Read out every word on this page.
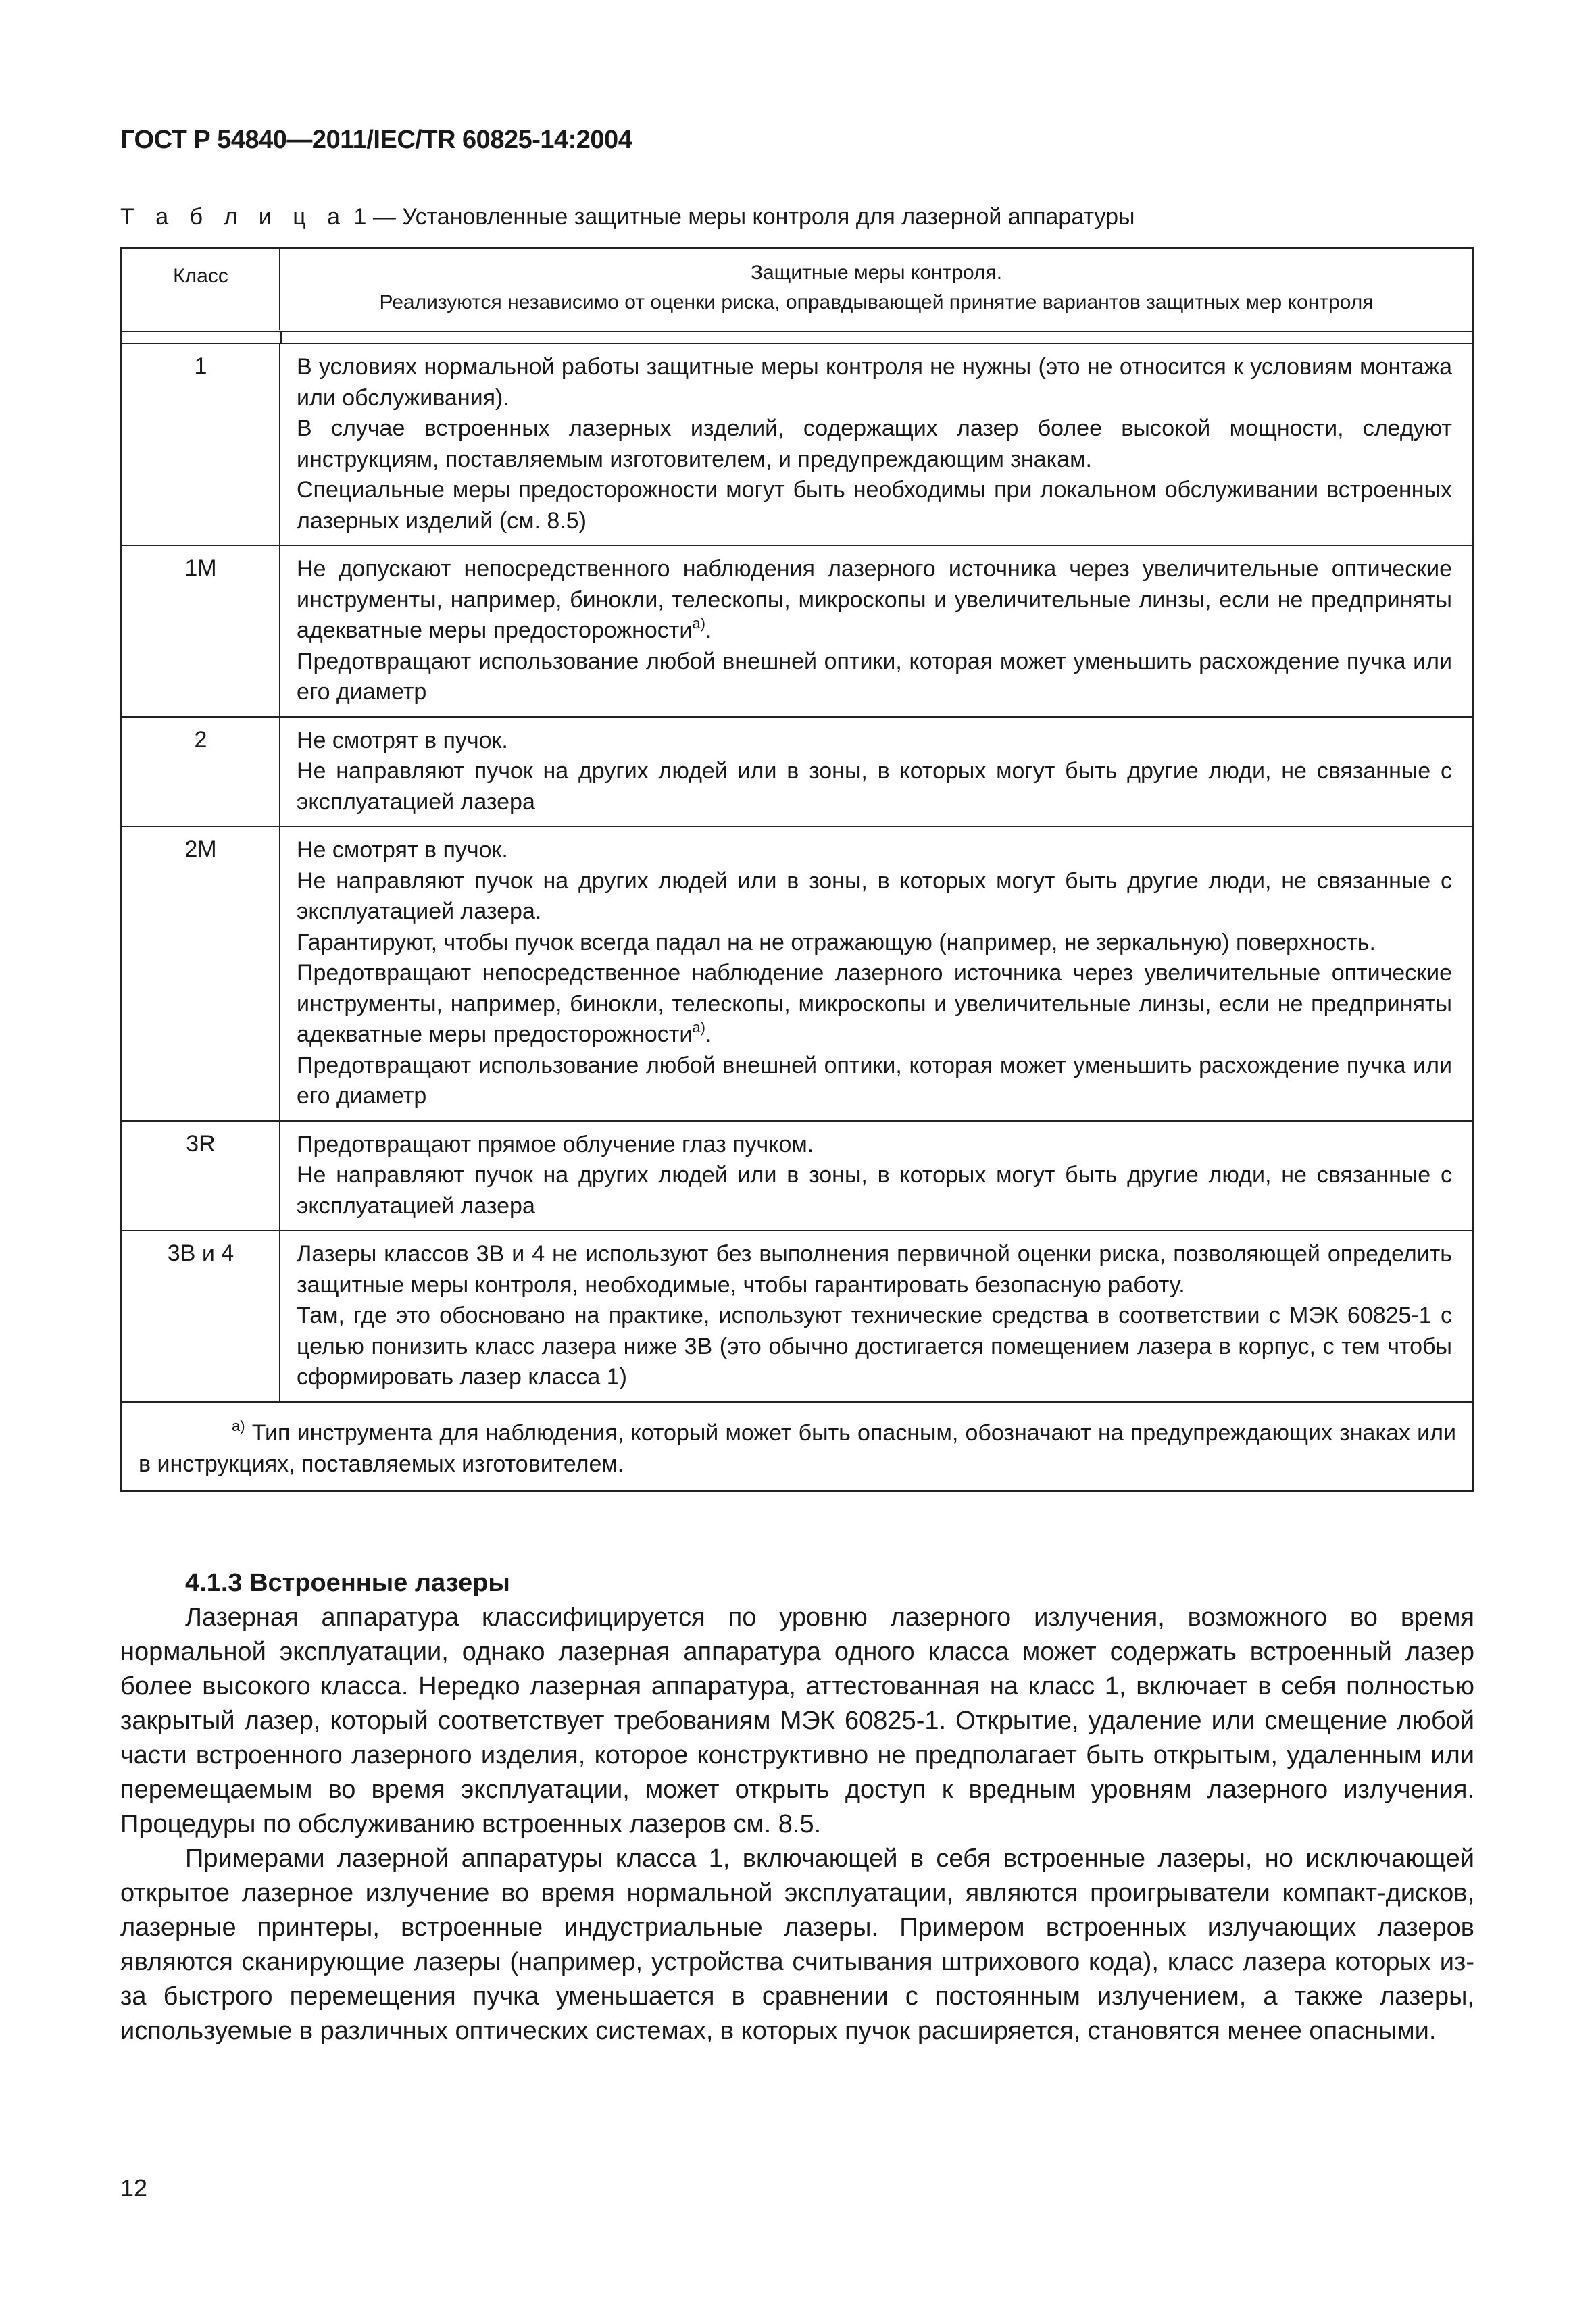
ГОСТ Р 54840—2011/IEC/TR 60825-14:2004
Т а б л и ц а 1 — Установленные защитные меры контроля для лазерной аппаратуры
Класс	Защитные меры контроля.
Реализуются независимо от оценки риска, оправдывающей принятие вариантов защитных мер контроля
1	В условиях нормальной работы защитные меры контроля не нужны (это не относится к условиям монтажа или обслуживания).

В случае встроенных лазерных изделий, содержащих лазер более высокой мощности, следуют инструкциям, поставляемым изготовителем, и предупреждающим знакам.

Специальные меры предосторожности могут быть необходимы при локальном обслуживании встроенных лазерных изделий (см. 8.5)

1M	Не допускают непосредственного наблюдения лазерного источника через увеличительные оптические инструменты, например, бинокли, телескопы, микроскопы и увеличительные линзы, если не предприняты адекватные меры предосторожности$^{а)}$.

Предотвращают использование любой внешней оптики, которая может уменьшить расхождение пучка или его диаметр

2	Не смотрят в пучок.

Не направляют пучок на других людей или в зоны, в которых могут быть другие люди, не связанные с эксплуатацией лазера

2M	Не смотрят в пучок.

Не направляют пучок на других людей или в зоны, в которых могут быть другие люди, не связанные с эксплуатацией лазера.

Гарантируют, чтобы пучок всегда падал на не отражающую (например, не зеркальную) поверхность.

Предотвращают непосредственное наблюдение лазерного источника через увеличительные оптические инструменты, например, бинокли, телескопы, микроскопы и увеличительные линзы, если не предприняты адекватные меры предосторожности$^{а)}$.

Предотвращают использование любой внешней оптики, которая может уменьшить расхождение пучка или его диаметр

3R	Предотвращают прямое облучение глаз пучком.

Не направляют пучок на других людей или в зоны, в которых могут быть другие люди, не связанные с эксплуатацией лазера

3B и 4	Лазеры классов 3B и 4 не используют без выполнения первичной оценки риска, позволяющей определить защитные меры контроля, необходимые, чтобы гарантировать безопасную работу.

Там, где это обосновано на практике, используют технические средства в соответствии с МЭК 60825-1 с целью понизить класс лазера ниже 3B (это обычно достигается помещением лазера в корпус, с тем чтобы сформировать лазер класса 1)

$^{а)}$ Тип инструмента для наблюдения, который может быть опасным, обозначают на предупреждающих знаках или в инструкциях, поставляемых изготовителем.
4.1.3 Встроенные лазеры

Лазерная аппаратура классифицируется по уровню лазерного излучения, возможного во время нормальной эксплуатации, однако лазерная аппаратура одного класса может содержать встроенный лазер более высокого класса. Нередко лазерная аппаратура, аттестованная на класс 1, включает в себя полностью закрытый лазер, который соответствует требованиям МЭК 60825-1. Открытие, удаление или смещение любой части встроенного лазерного изделия, которое конструктивно не предполагает быть открытым, удаленным или перемещаемым во время эксплуатации, может открыть доступ к вредным уровням лазерного излучения. Процедуры по обслуживанию встроенных лазеров см. 8.5.

Примерами лазерной аппаратуры класса 1, включающей в себя встроенные лазеры, но исключающей открытое лазерное излучение во время нормальной эксплуатации, являются проигрыватели компакт-дисков, лазерные принтеры, встроенные индустриальные лазеры. Примером встроенных излучающих лазеров являются сканирующие лазеры (например, устройства считывания штрихового кода), класс лазера которых из-за быстрого перемещения пучка уменьшается в сравнении с постоянным излучением, а также лазеры, используемые в различных оптических системах, в которых пучок расширяется, становятся менее опасными.

12
